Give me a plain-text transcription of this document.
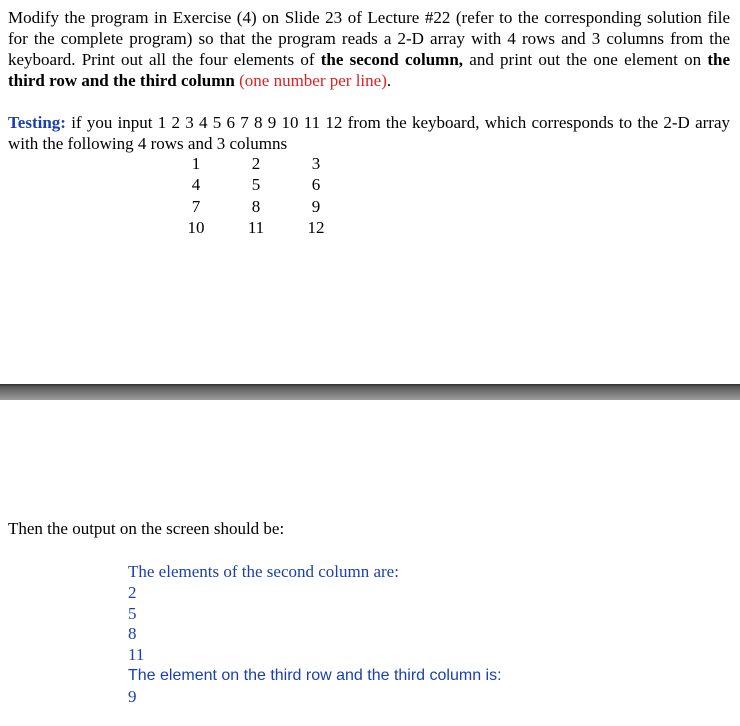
Modify the program in Exercise (4) on Slide 23 of Lecture #22 (refer to the corresponding solution file for the complete program) so that the program reads a 2-D array with 4 rows and 3 columns from the keyboard. Print out all the four elements of the second column, and print out the one element on the third row and the third column (one number per line).

Testing: if you input 1 2 3 4 5 6 7 8 9 10 11 12 from the keyboard, which corresponds to the 2-D array with the following 4 rows and 3 columns

1	2	3
4	5	6
7	8	9
10	11	12

Then the output on the screen should be:

The elements of the second column are:
2
5
8
11
The element on the third row and the third column is:
9
